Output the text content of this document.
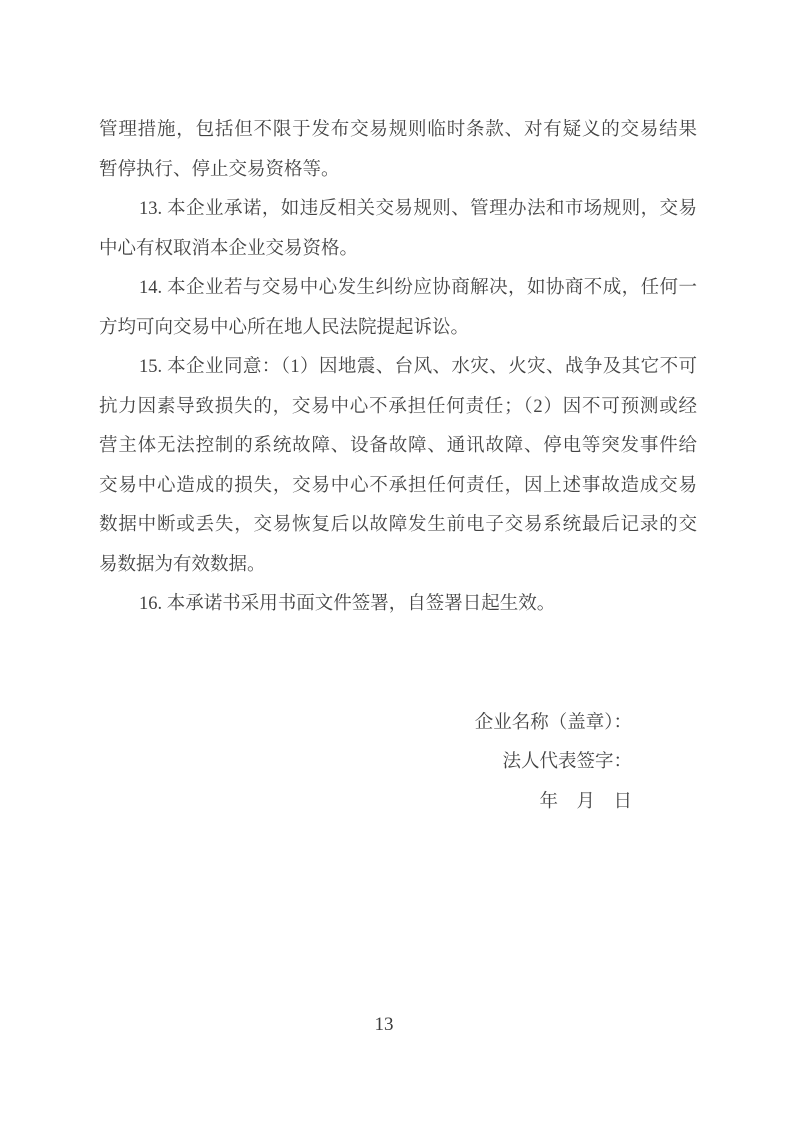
管理措施，包括但不限于发布交易规则临时条款、对有疑义的交易结果
暂停执行、停止交易资格等。
13. 本企业承诺，如违反相关交易规则、管理办法和市场规则，交易
中心有权取消本企业交易资格。
14. 本企业若与交易中心发生纠纷应协商解决，如协商不成，任何一
方均可向交易中心所在地人民法院提起诉讼。
15. 本企业同意：（1）因地震、台风、水灾、火灾、战争及其它不可
抗力因素导致损失的，交易中心不承担任何责任；（2）因不可预测或经
营主体无法控制的系统故障、设备故障、通讯故障、停电等突发事件给
交易中心造成的损失，交易中心不承担任何责任，因上述事故造成交易
数据中断或丢失，交易恢复后以故障发生前电子交易系统最后记录的交
易数据为有效数据。
16. 本承诺书采用书面文件签署，自签署日起生效。
企业名称（盖章）：
法人代表签字：
年　月　日
13
